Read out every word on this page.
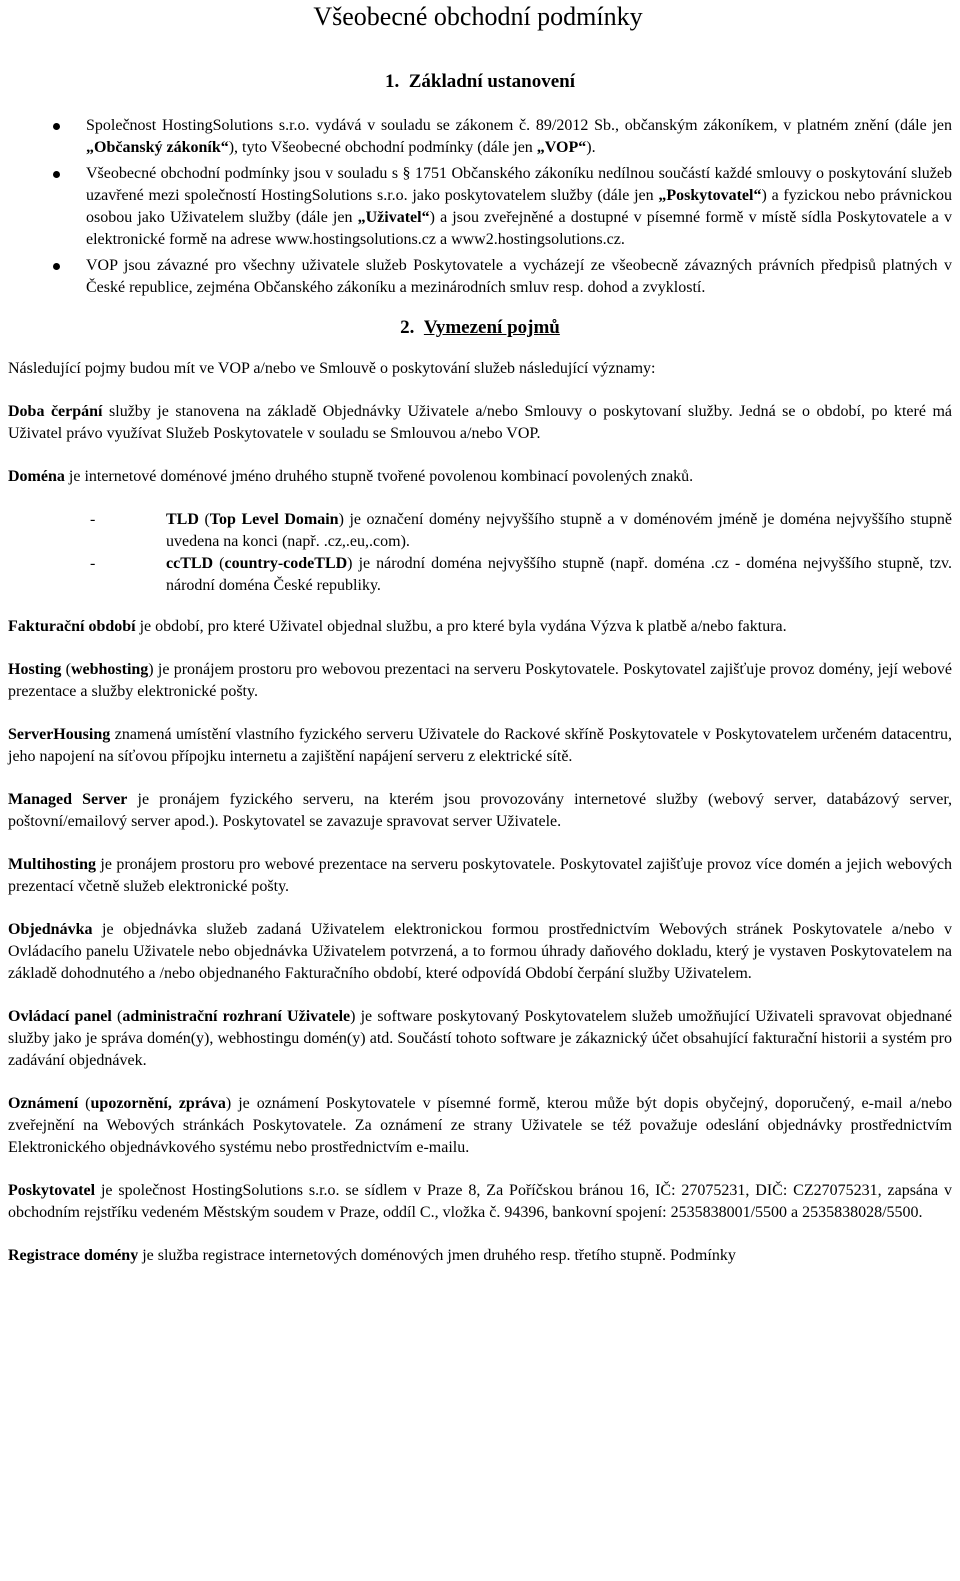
Všeobecné obchodní podmínky
1. Základní ustanovení
Společnost HostingSolutions s.r.o. vydává v souladu se zákonem č. 89/2012 Sb., občanským zákoníkem, v platném znění (dále jen „Občanský zákoník“), tyto Všeobecné obchodní podmínky (dále jen „VOP“).
Všeobecné obchodní podmínky jsou v souladu s § 1751 Občanského zákoníku nedílnou součástí každé smlouvy o poskytování služeb uzavřené mezi společností HostingSolutions s.r.o. jako poskytovatelem služby (dále jen „Poskytovatel“) a fyzickou nebo právnickou osobou jako Uživatelem služby (dále jen „Uživatel“) a jsou zveřejněné a dostupné v písemné formě v místě sídla Poskytovatele a v elektronické formě na adrese www.hostingsolutions.cz a www2.hostingsolutions.cz.
VOP jsou závazné pro všechny uživatele služeb Poskytovatele a vycházejí ze všeobecně závazných právních předpisů platných v České republice, zejména Občanského zákoníku a mezinárodních smluv resp. dohod a zvyklostí.
2. Vymezení pojmů

Následující pojmy budou mít ve VOP a/nebo ve Smlouvě o poskytování služeb následující významy:

Doba čerpání služby je stanovena na základě Objednávky Uživatele a/nebo Smlouvy o poskytovaní služby. Jedná se o období, po které má Uživatel právo využívat Služeb Poskytovatele v souladu se Smlouvou a/nebo VOP.

Doména je internetové doménové jméno druhého stupně tvořené povolenou kombinací povolených znaků.

-	TLD (Top Level Domain) je označení domény nejvyššího stupně a v doménovém jméně je doména nejvyššího stupně uvedena na konci (např. .cz,.eu,.com).
-	ccTLD (country-codeTLD) je národní doména nejvyššího stupně (např. doména .cz - doména nejvyššího stupně, tzv. národní doména České republiky.

Fakturační období je období, pro které Uživatel objednal službu, a pro které byla vydána Výzva k platbě a/nebo faktura.

Hosting (webhosting) je pronájem prostoru pro webovou prezentaci na serveru Poskytovatele. Poskytovatel zajišťuje provoz domény, její webové prezentace a služby elektronické pošty.

ServerHousing znamená umístění vlastního fyzického serveru Uživatele do Rackové skříně Poskytovatele v Poskytovatelem určeném datacentru, jeho napojení na síťovou přípojku internetu a zajištění napájení serveru z elektrické sítě.

Managed Server je pronájem fyzického serveru, na kterém jsou provozovány internetové služby (webový server, databázový server, poštovní/emailový server apod.). Poskytovatel se zavazuje spravovat server Uživatele.

Multihosting je pronájem prostoru pro webové prezentace na serveru poskytovatele. Poskytovatel zajišťuje provoz více domén a jejich webových prezentací včetně služeb elektronické pošty.

Objednávka je objednávka služeb zadaná Uživatelem elektronickou formou prostřednictvím Webových stránek Poskytovatele a/nebo v Ovládacího panelu Uživatele nebo objednávka Uživatelem potvrzená, a to formou úhrady daňového dokladu, který je vystaven Poskytovatelem na základě dohodnutého a /nebo objednaného Fakturačního období, které odpovídá Období čerpání služby Uživatelem.

Ovládací panel (administrační rozhraní Uživatele) je software poskytovaný Poskytovatelem služeb umožňující Uživateli spravovat objednané služby jako je správa domén(y), webhostingu domén(y) atd. Součástí tohoto software je zákaznický účet obsahující fakturační historii a systém pro zadávání objednávek.

Oznámení (upozornění, zpráva) je oznámení Poskytovatele v písemné formě, kterou může být dopis obyčejný, doporučený, e-mail a/nebo zveřejnění na Webových stránkách Poskytovatele. Za oznámení ze strany Uživatele se též považuje odeslání objednávky prostřednictvím Elektronického objednávkového systému nebo prostřednictvím e-mailu.

Poskytovatel je společnost HostingSolutions s.r.o. se sídlem v Praze 8, Za Poříčskou bránou 16, IČ: 27075231, DIČ: CZ27075231, zapsána v obchodním rejstříku vedeném Městským soudem v Praze, oddíl C., vložka č. 94396, bankovní spojení: 2535838001/5500 a 2535838028/5500.

Registrace domény je služba registrace internetových doménových jmen druhého resp. třetího stupně. Podmínky
